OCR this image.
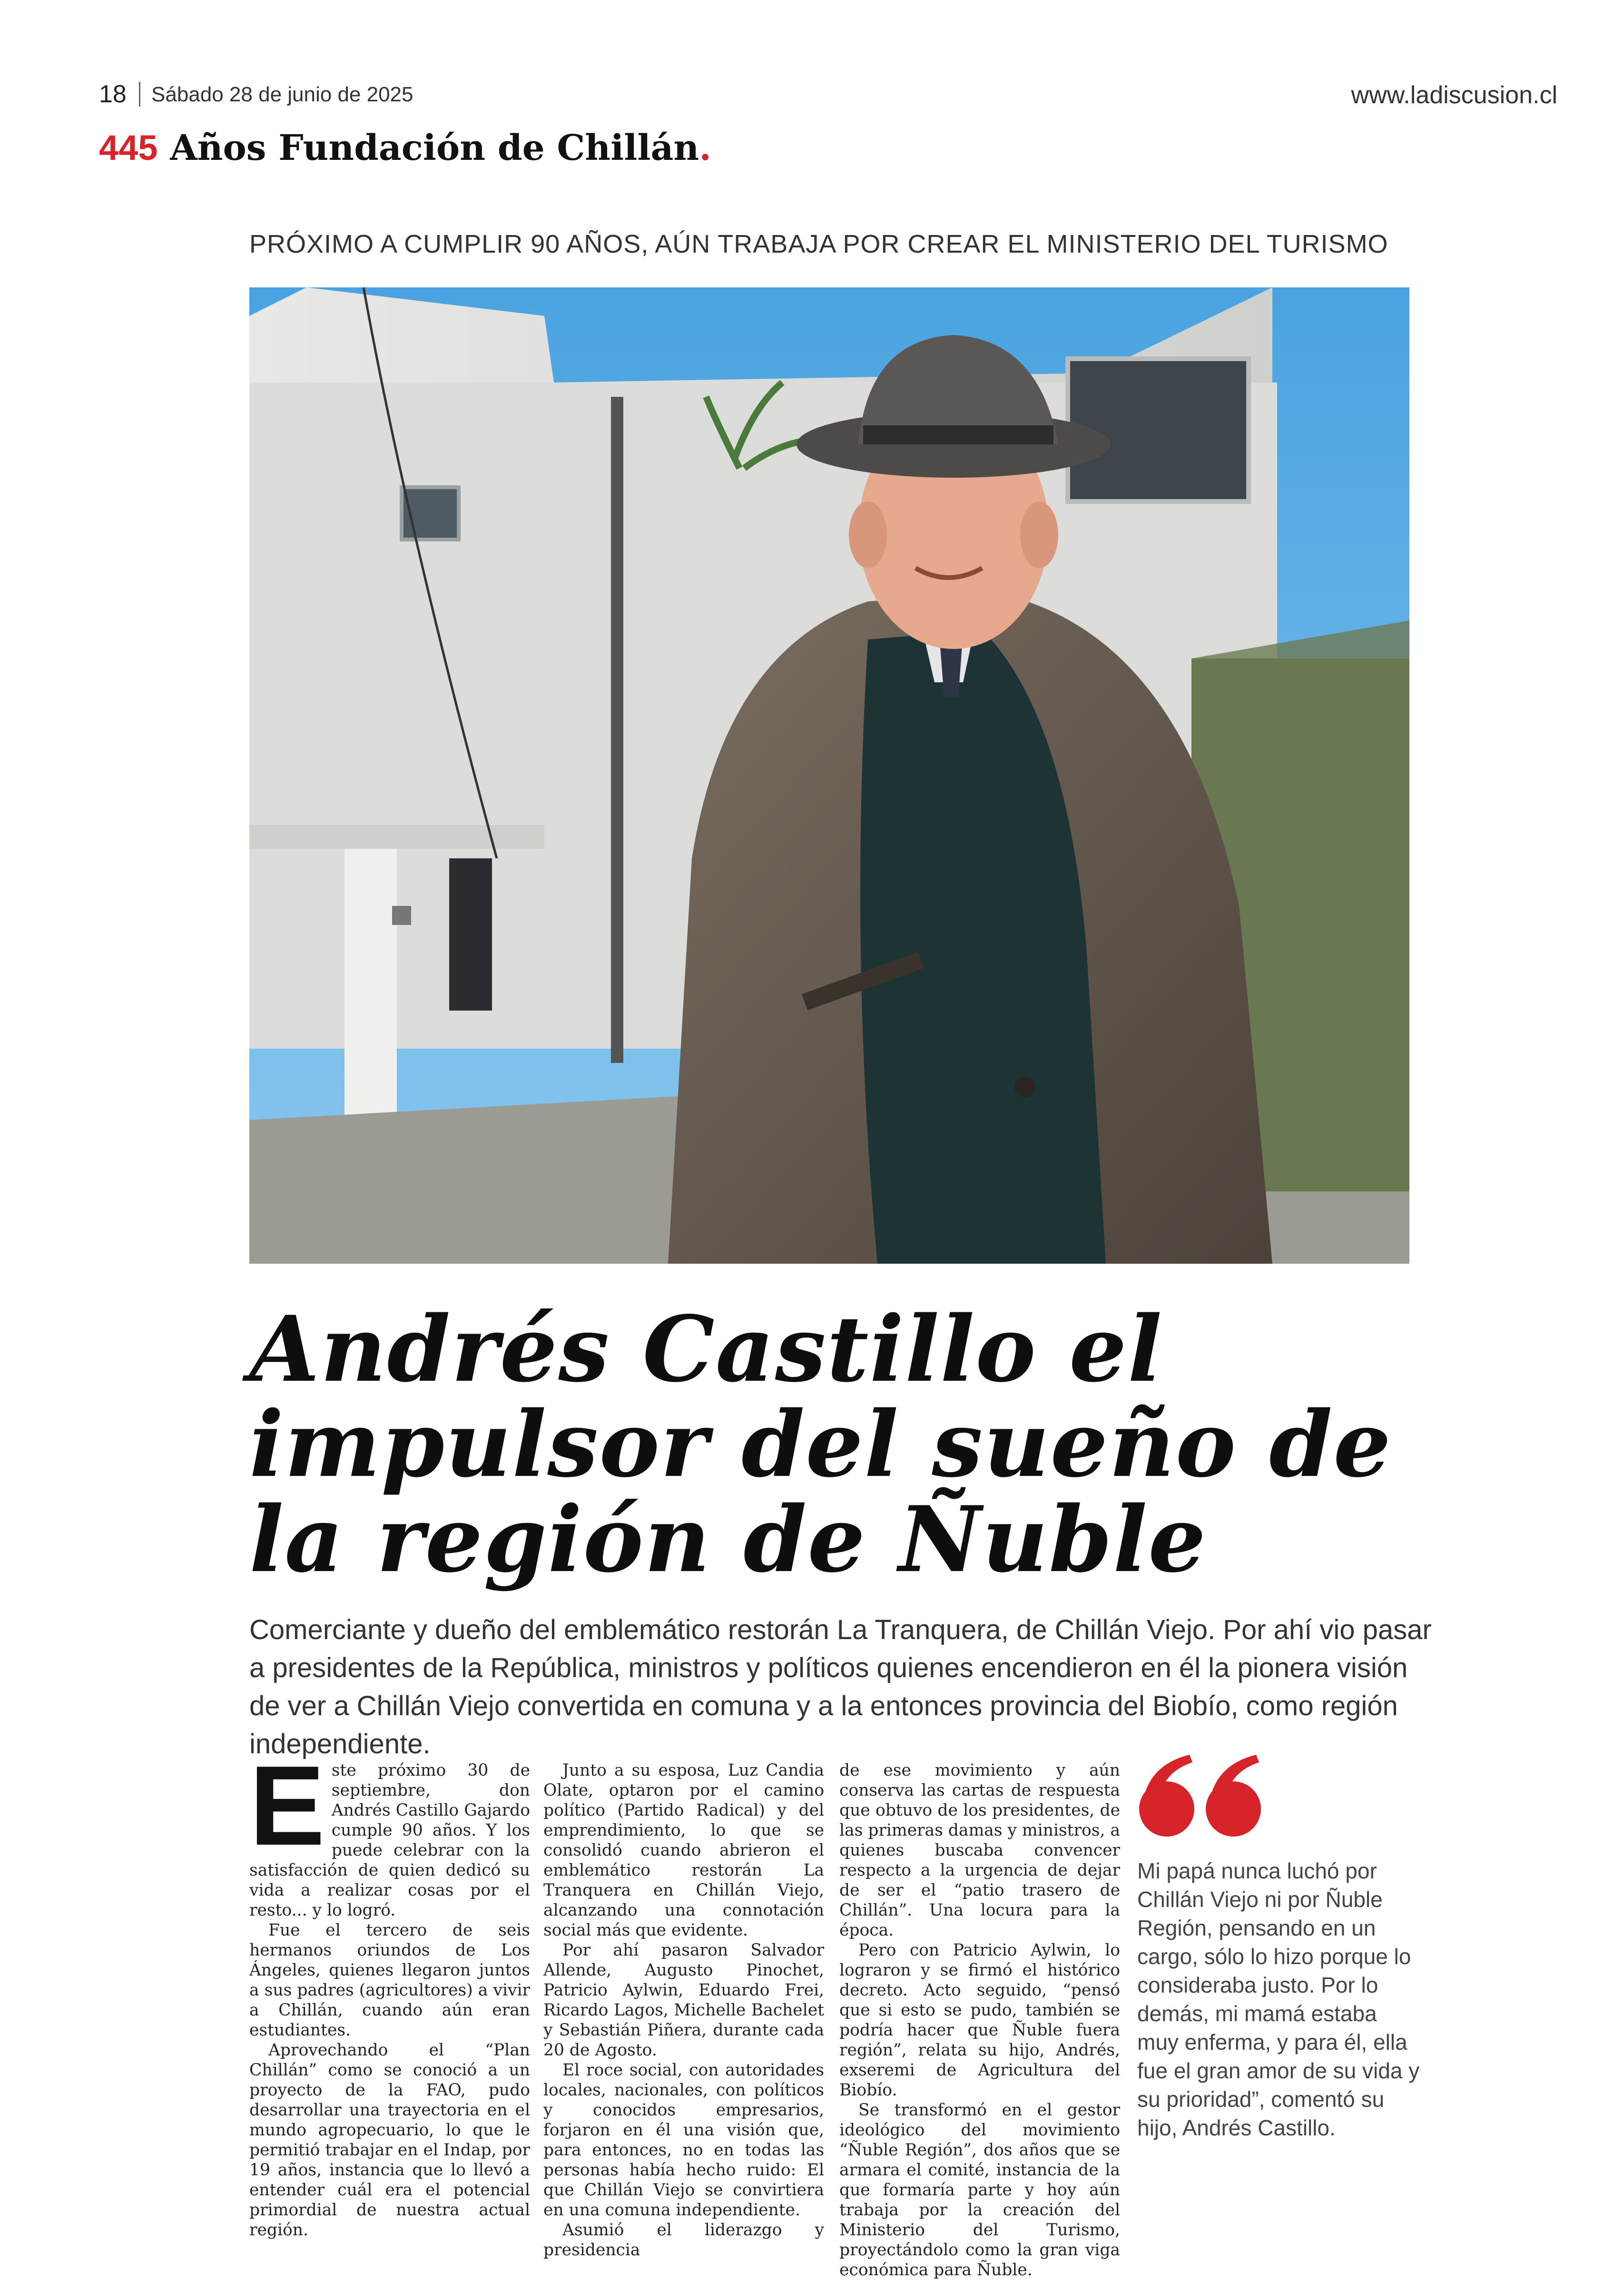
18 Sábado 28 de junio de 2025	www.ladiscusion.cl
445 Años Fundación de Chillán.
PRÓXIMO A CUMPLIR 90 AÑOS, AÚN TRABAJA POR CREAR EL MINISTERIO DEL TURISMO
Andrés Castillo el
impulsor del sueño de
la región de Ñuble
Comerciante y dueño del emblemático restorán La Tranquera, de Chillán Viejo. Por ahí vio pasar a presidentes de la República, ministros y políticos quienes encendieron en él la pionera visión de ver a Chillán Viejo convertida en comuna y a la entonces provincia del Biobío, como región independiente.
E ste próximo 30 de septiembre, don Andrés Castillo Gajardo cumple 90 años. Y los puede celebrar con la satisfacción de quien dedicó su vida a realizar cosas por el resto... y lo logró.

Fue el tercero de seis hermanos oriundos de Los Ángeles, quienes llegaron juntos a sus padres (agricultores) a vivir a Chillán, cuando aún eran estudiantes.

Aprovechando el “Plan Chillán” como se conoció a un proyecto de la FAO, pudo desarrollar una trayectoria en el mundo agropecuario, lo que le permitió trabajar en el Indap, por 19 años, instancia que lo llevó a entender cuál era el potencial primordial de nuestra actual región.

Junto a su esposa, Luz Candia Olate, optaron por el camino político (Partido Radical) y del emprendimiento, lo que se consolidó cuando abrieron el emblemático restorán La Tranquera en Chillán Viejo, alcanzando una connotación social más que evidente.

Por ahí pasaron Salvador Allende, Augusto Pinochet, Patricio Aylwin, Eduardo Frei, Ricardo Lagos, Michelle Bachelet y Sebastián Piñera, durante cada 20 de Agosto.

El roce social, con autoridades locales, nacionales, con políticos y conocidos empresarios, forjaron en él una visión que, para entonces, no en todas las personas había hecho ruido: El que Chillán Viejo se convirtiera en una comuna independiente.

Asumió el liderazgo y presidencia

de ese movimiento y aún conserva las cartas de respuesta que obtuvo de los presidentes, de las primeras damas y ministros, a quienes buscaba convencer respecto a la urgencia de dejar de ser el “patio trasero de Chillán”. Una locura para la época.

Pero con Patricio Aylwin, lo lograron y se firmó el histórico decreto. Acto seguido, “pensó que si esto se pudo, también se podría hacer que Ñuble fuera región”, relata su hijo, Andrés, exseremi de Agricultura del Biobío.

Se transformó en el gestor ideológico del movimiento “Ñuble Región”, dos años que se armara el comité, instancia de la que formaría parte y hoy aún trabaja por la creación del Ministerio del Turismo, proyectándolo como la gran viga económica para Ñuble.

Mi papá nunca luchó por Chillán Viejo ni por Ñuble Región, pensando en un cargo, sólo lo hizo porque lo consideraba justo. Por lo demás, mi mamá estaba muy enferma, y para él, ella fue el gran amor de su vida y su prioridad”, comentó su hijo, Andrés Castillo.
